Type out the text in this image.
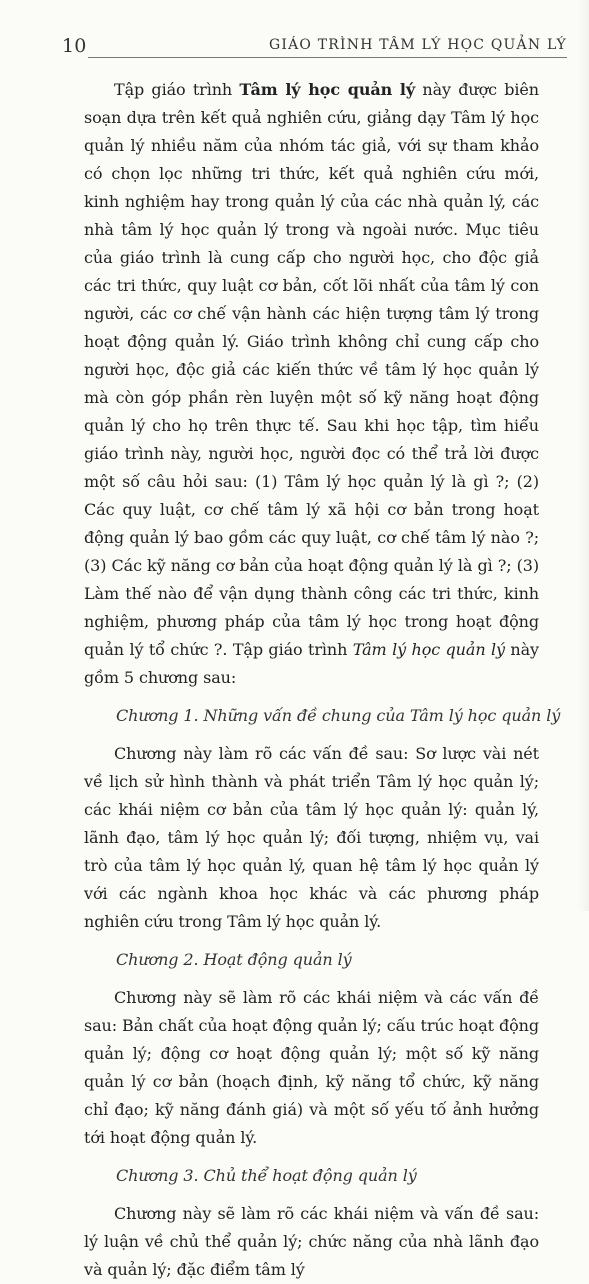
10	GIÁO TRÌNH TÂM LÝ HỌC QUẢN LÝ

Tập giáo trình Tâm lý học quản lý này được biên soạn dựa trên kết quả nghiên cứu, giảng dạy Tâm lý học quản lý nhiều năm của nhóm tác giả, với sự tham khảo có chọn lọc những tri thức, kết quả nghiên cứu mới, kinh nghiệm hay trong quản lý của các nhà quản lý, các nhà tâm lý học quản lý trong và ngoài nước. Mục tiêu của giáo trình là cung cấp cho người học, cho độc giả các tri thức, quy luật cơ bản, cốt lõi nhất của tâm lý con người, các cơ chế vận hành các hiện tượng tâm lý trong hoạt động quản lý. Giáo trình không chỉ cung cấp cho người học, độc giả các kiến thức về tâm lý học quản lý mà còn góp phần rèn luyện một số kỹ năng hoạt động quản lý cho họ trên thực tế. Sau khi học tập, tìm hiểu giáo trình này, người học, người đọc có thể trả lời được một số câu hỏi sau: (1) Tâm lý học quản lý là gì ?; (2) Các quy luật, cơ chế tâm lý xã hội cơ bản trong hoạt động quản lý bao gồm các quy luật, cơ chế tâm lý nào ?; (3) Các kỹ năng cơ bản của hoạt động quản lý là gì ?; (3) Làm thế nào để vận dụng thành công các tri thức, kinh nghiệm, phương pháp của tâm lý học trong hoạt động quản lý tổ chức ?. Tập giáo trình Tâm lý học quản lý này gồm 5 chương sau:

Chương 1. Những vấn đề chung của Tâm lý học quản lý

Chương này làm rõ các vấn đề sau: Sơ lược vài nét về lịch sử hình thành và phát triển Tâm lý học quản lý; các khái niệm cơ bản của tâm lý học quản lý: quản lý, lãnh đạo, tâm lý học quản lý; đối tượng, nhiệm vụ, vai trò của tâm lý học quản lý, quan hệ tâm lý học quản lý với các ngành khoa học khác và các phương pháp nghiên cứu trong Tâm lý học quản lý.

Chương 2. Hoạt động quản lý

Chương này sẽ làm rõ các khái niệm và các vấn đề sau: Bản chất của hoạt động quản lý; cấu trúc hoạt động quản lý; động cơ hoạt động quản lý; một số kỹ năng quản lý cơ bản (hoạch định, kỹ năng tổ chức, kỹ năng chỉ đạo; kỹ năng đánh giá) và một số yếu tố ảnh hưởng tới hoạt động quản lý.

Chương 3. Chủ thể hoạt động quản lý

Chương này sẽ làm rõ các khái niệm và vấn đề sau: lý luận về chủ thể quản lý; chức năng của nhà lãnh đạo và quản lý; đặc điểm tâm lý
